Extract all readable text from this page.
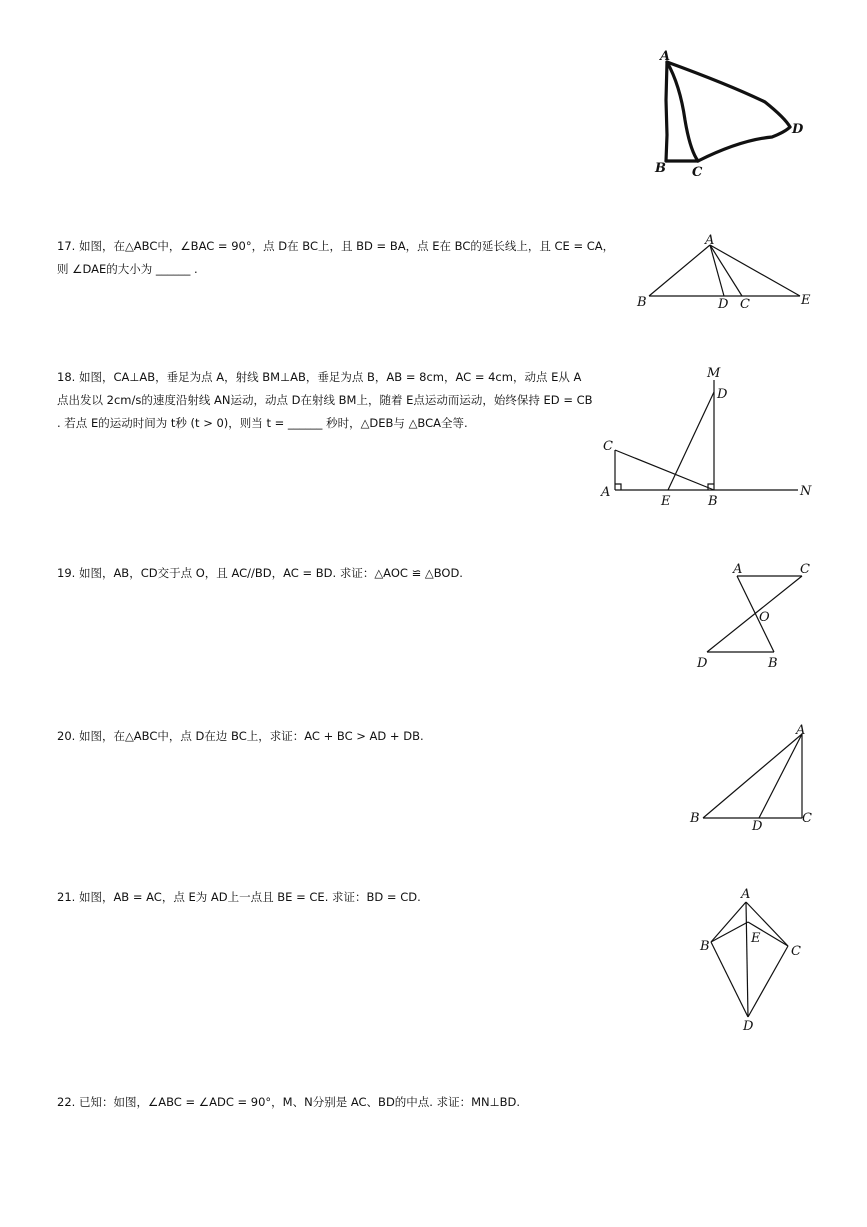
A
B C
D
17. 如图，在△ABC中，∠BAC = 90°，点 D在 BC上，且 BD = BA，点 E在 BC的延长线上，且 CE = CA，
则 ∠DAE的大小为 ______ .
A
B	D C	E
18. 如图，CA⊥AB，垂足为点 A，射线 BM⊥AB，垂足为点 B，AB = 8cm，AC = 4cm，动点 E从 A
点出发以 2cm/s的速度沿射线 AN运动，动点 D在射线 BM上，随着 E点运动而运动，始终保持 ED = CB
. 若点 E的运动时间为 t秒 (t > 0)，则当 t = ______ 秒时，△DEB与 △BCA全等.
M
D
C
A
E	B
N
19. 如图，AB，CD交于点 O，且 AC//BD，AC = BD. 求证：△AOC ≌ △BOD.	A	C
O
D	B
20. 如图，在△ABC中，点 D在边 BC上，求证：AC + BC > AD + DB.	A
B
D
C
21. 如图，AB = AC，点 E为 AD上一点且 BE = CE. 求证：BD = CD.	A
B
E
C
D
22. 已知：如图，∠ABC = ∠ADC = 90°，M、N分别是 AC、BD的中点. 求证：MN⊥BD.
